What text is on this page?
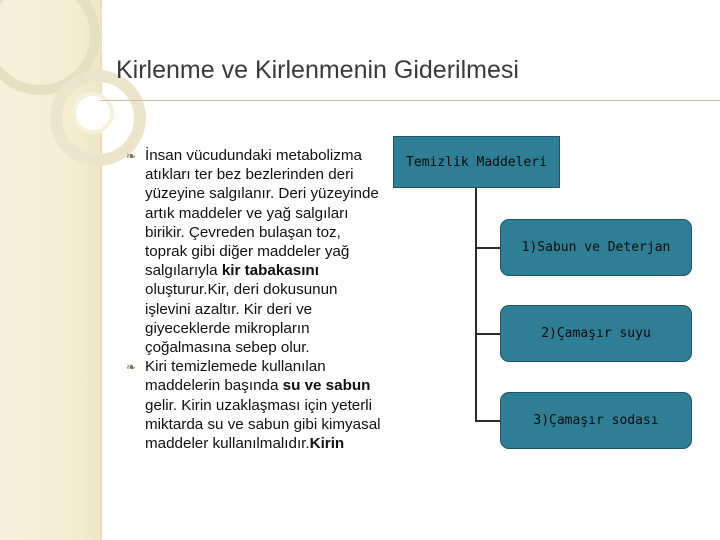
Kirlenme ve Kirlenmenin Giderilmesi
❧ İnsan vücudundaki metabolizma atıkları ter bez bezlerinden deri yüzeyine salgılanır. Deri yüzeyinde artık maddeler ve yağ salgıları birikir. Çevreden bulaşan toz, toprak gibi diğer maddeler yağ salgılarıyla kir tabakasını oluşturur.Kir, deri dokusunun işlevini azaltır. Kir deri ve giyeceklerde mikropların çoğalmasına sebep olur.
❧ Kiri temizlemede kullanılan maddelerin başında su ve sabun gelir. Kirin uzaklaşması için yeterli miktarda su ve sabun gibi kimyasal maddeler kullanılmalıdır.Kirin
Temizlik Maddeleri
1)Sabun ve Deterjan
2)Çamaşır suyu
3)Çamaşır sodası
